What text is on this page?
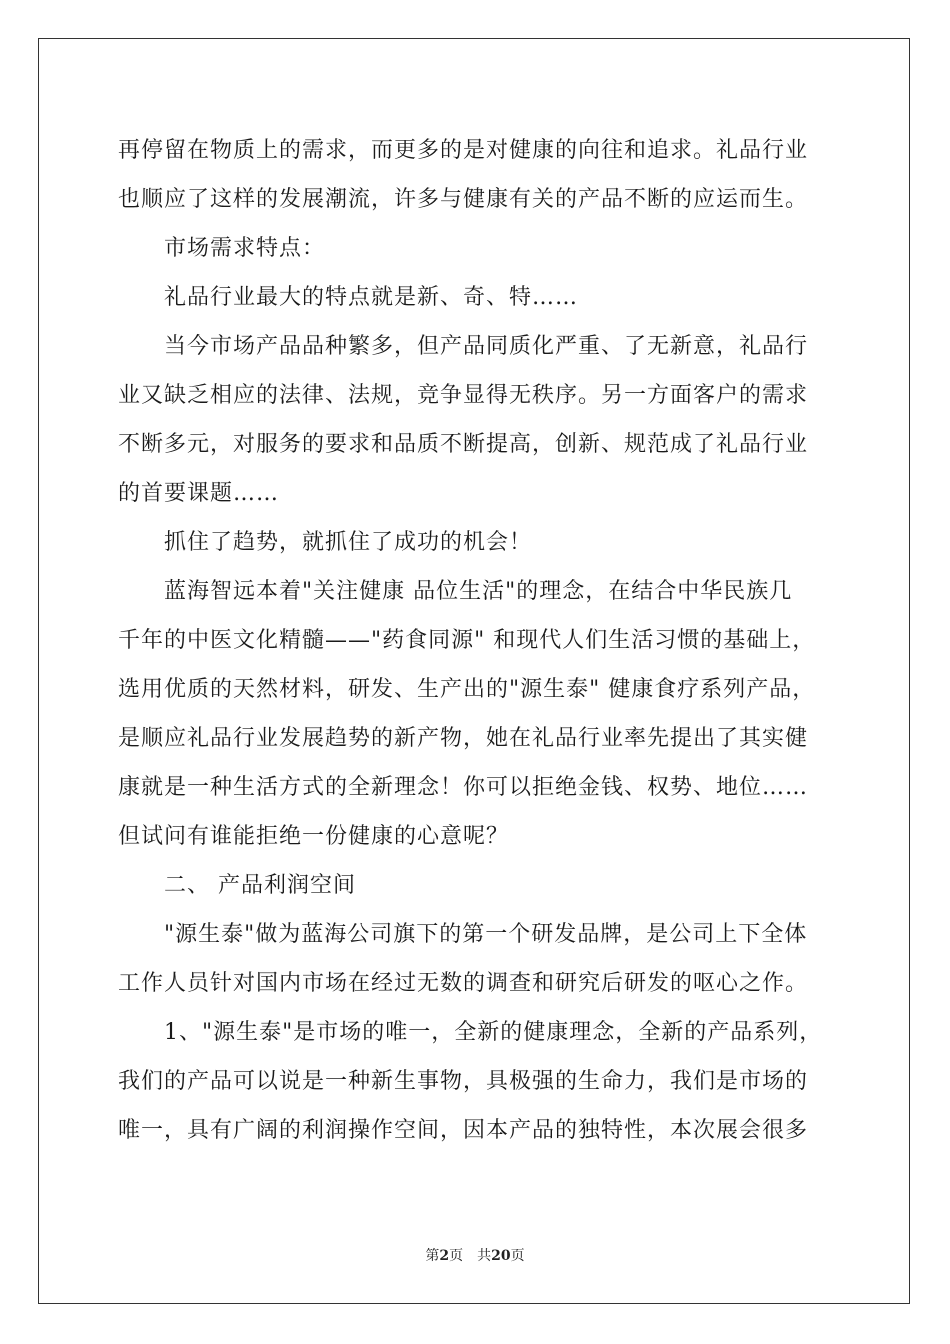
再停留在物质上的需求，而更多的是对健康的向往和追求。礼品行业
也顺应了这样的发展潮流，许多与健康有关的产品不断的应运而生。
市场需求特点：
礼品行业最大的特点就是新、奇、特……
当今市场产品品种繁多，但产品同质化严重、了无新意，礼品行
业又缺乏相应的法律、法规，竞争显得无秩序。另一方面客户的需求
不断多元，对服务的要求和品质不断提高，创新、规范成了礼品行业
的首要课题……
抓住了趋势，就抓住了成功的机会！
蓝海智远本着"关注健康 品位生活"的理念，在结合中华民族几
千年的中医文化精髓——"药食同源" 和现代人们生活习惯的基础上，
选用优质的天然材料，研发、生产出的"源生泰" 健康食疗系列产品，
是顺应礼品行业发展趋势的新产物，她在礼品行业率先提出了其实健
康就是一种生活方式的全新理念！你可以拒绝金钱、权势、地位……
但试问有谁能拒绝一份健康的心意呢？
二、 产品利润空间
"源生泰"做为蓝海公司旗下的第一个研发品牌，是公司上下全体
工作人员针对国内市场在经过无数的调查和研究后研发的呕心之作。
1、"源生泰"是市场的唯一，全新的健康理念，全新的产品系列，
我们的产品可以说是一种新生事物，具极强的生命力，我们是市场的
唯一，具有广阔的利润操作空间，因本产品的独特性，本次展会很多
第2页 共20页
